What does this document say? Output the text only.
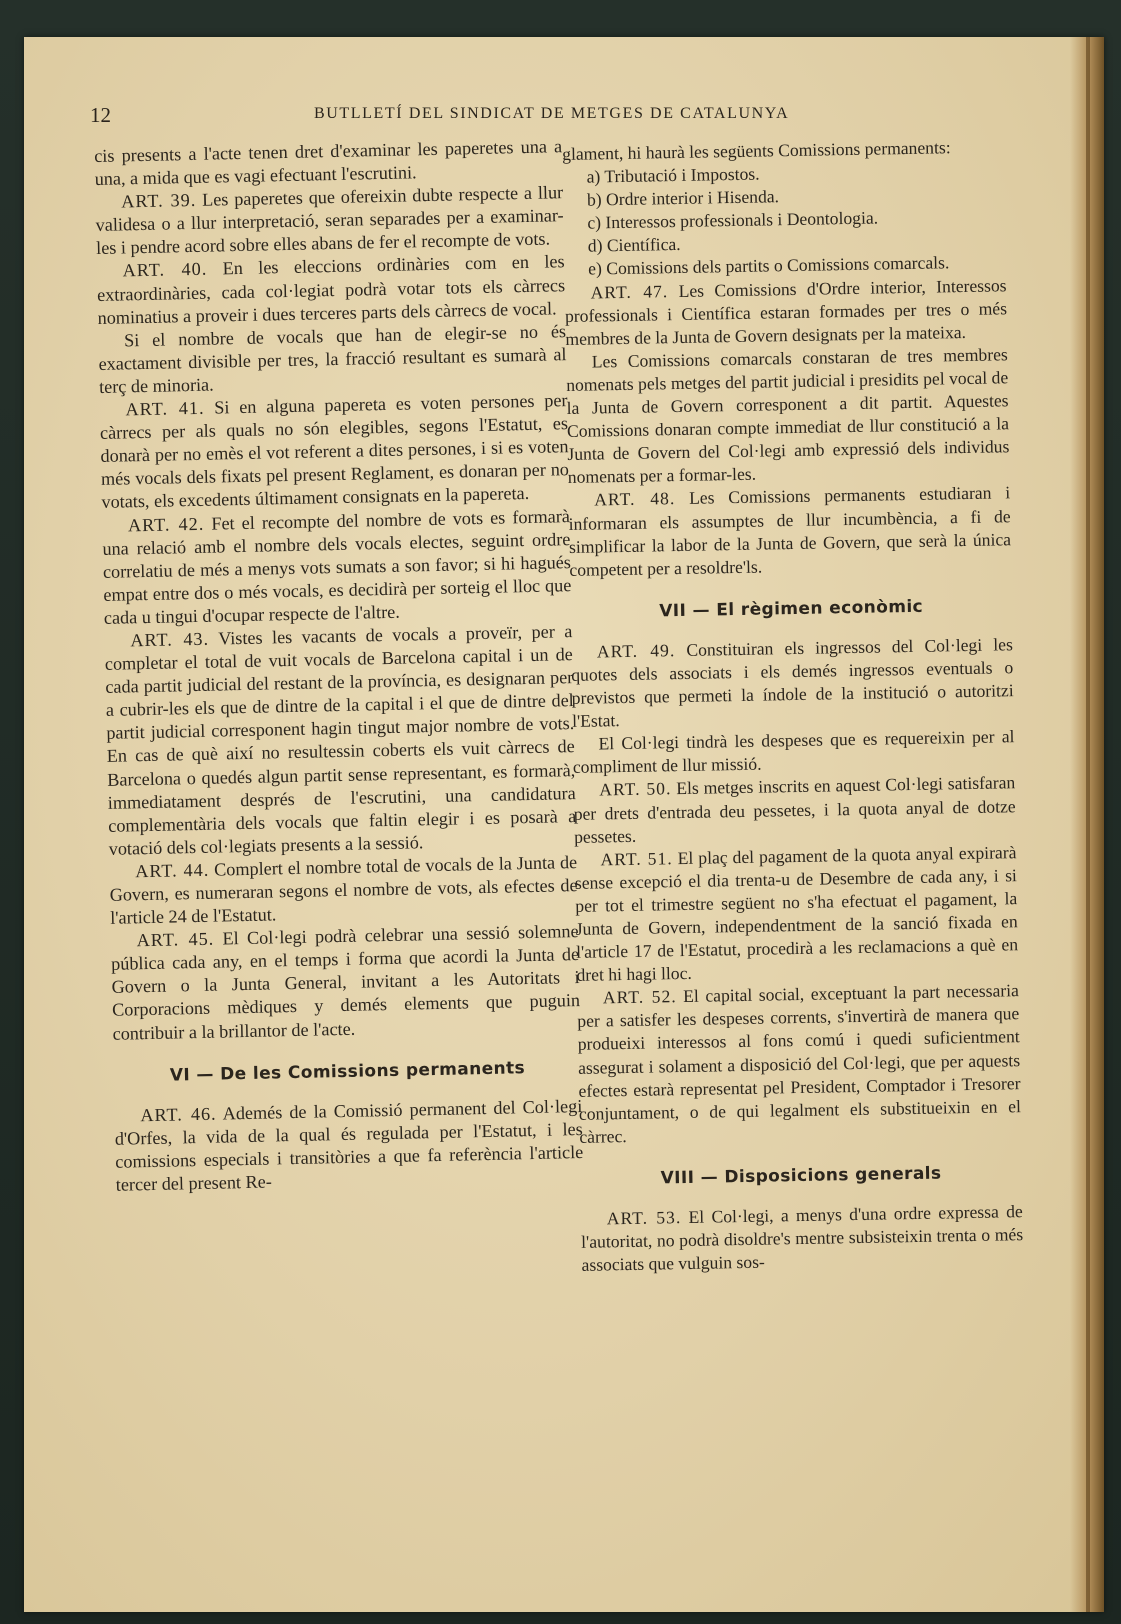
12	BUTLLETÍ DEL SINDICAT DE METGES DE CATALUNYA

cis presents a l'acte tenen dret d'examinar les paperetes una a una, a mida que es vagi efectuant l'escrutini.

ART. 39. Les paperetes que ofereixin dubte respecte a llur validesa o a llur interpretació, seran separades per a examinar-les i pendre acord sobre elles abans de fer el recompte de vots.

ART. 40. En les eleccions ordinàries com en les extraordinàries, cada col·legiat podrà votar tots els càrrecs nominatius a proveir i dues terceres parts dels càrrecs de vocal.

Si el nombre de vocals que han de elegir-se no és exactament divisible per tres, la fracció resultant es sumarà al terç de minoria.

ART. 41. Si en alguna papereta es voten persones per càrrecs per als quals no són elegibles, segons l'Estatut, es donarà per no emès el vot referent a dites persones, i si es voten més vocals dels fixats pel present Reglament, es donaran per no votats, els excedents últimament consignats en la papereta.

ART. 42. Fet el recompte del nombre de vots es formarà una relació amb el nombre dels vocals electes, seguint ordre correlatiu de més a menys vots sumats a son favor; si hi hagués empat entre dos o més vocals, es decidirà per sorteig el lloc que cada u tingui d'ocupar respecte de l'altre.

ART. 43. Vistes les vacants de vocals a proveïr, per a completar el total de vuit vocals de Barcelona capital i un de cada partit judicial del restant de la província, es designaran per a cubrir-les els que de dintre de la capital i el que de dintre del partit judicial corresponent hagin tingut major nombre de vots. En cas de què així no resultessin coberts els vuit càrrecs de Barcelona o quedés algun partit sense representant, es formarà, immediatament després de l'escrutini, una candidatura complementària dels vocals que faltin elegir i es posarà a votació dels col·legiats presents a la sessió.

ART. 44. Complert el nombre total de vocals de la Junta de Govern, es numeraran segons el nombre de vots, als efectes de l'article 24 de l'Estatut.

ART. 45. El Col·legi podrà celebrar una sessió solemne pública cada any, en el temps i forma que acordi la Junta de Govern o la Junta General, invitant a les Autoritats i Corporacions mèdiques y demés elements que puguin contribuir a la brillantor de l'acte.

VI — De les Comissions permanents

ART. 46. Ademés de la Comissió permanent del Col·legi d'Orfes, la vida de la qual és regulada per l'Estatut, i les comissions especials i transitòries a que fa referència l'article tercer del present Re-

glament, hi haurà les següents Comissions permanents:

a) Tributació i Impostos.

b) Ordre interior i Hisenda.

c) Interessos professionals i Deontologia.

d) Científica.

e) Comissions dels partits o Comissions comarcals.

ART. 47. Les Comissions d'Ordre interior, Interessos professionals i Científica estaran formades per tres o més membres de la Junta de Govern designats per la mateixa.

Les Comissions comarcals constaran de tres membres nomenats pels metges del partit judicial i presidits pel vocal de la Junta de Govern corresponent a dit partit. Aquestes Comissions donaran compte immediat de llur constitució a la Junta de Govern del Col·legi amb expressió dels individus nomenats per a formar-les.

ART. 48. Les Comissions permanents estudiaran i informaran els assumptes de llur incumbència, a fi de simplificar la labor de la Junta de Govern, que serà la única competent per a resoldre'ls.

VII — El règimen econòmic

ART. 49. Constituiran els ingressos del Col·legi les quotes dels associats i els demés ingressos eventuals o previstos que permeti la índole de la institució o autoritzi l'Estat.

El Col·legi tindrà les despeses que es requereixin per al compliment de llur missió.

ART. 50. Els metges inscrits en aquest Col·legi satisfaran per drets d'entrada deu pessetes, i la quota anyal de dotze pessetes.

ART. 51. El plaç del pagament de la quota anyal expirarà sense excepció el dia trenta-u de Desembre de cada any, i si per tot el trimestre següent no s'ha efectuat el pagament, la Junta de Govern, independentment de la sanció fixada en l'article 17 de l'Estatut, procedirà a les reclamacions a què en dret hi hagi lloc.

ART. 52. El capital social, exceptuant la part necessaria per a satisfer les despeses corrents, s'invertirà de manera que produeixi interessos al fons comú i quedi suficientment assegurat i solament a disposició del Col·legi, que per aquests efectes estarà representat pel President, Comptador i Tresorer conjuntament, o de qui legalment els substitueixin en el càrrec.

VIII — Disposicions generals

ART. 53. El Col·legi, a menys d'una ordre expressa de l'autoritat, no podrà disoldre's mentre subsisteixin trenta o més associats que vulguin sos-
